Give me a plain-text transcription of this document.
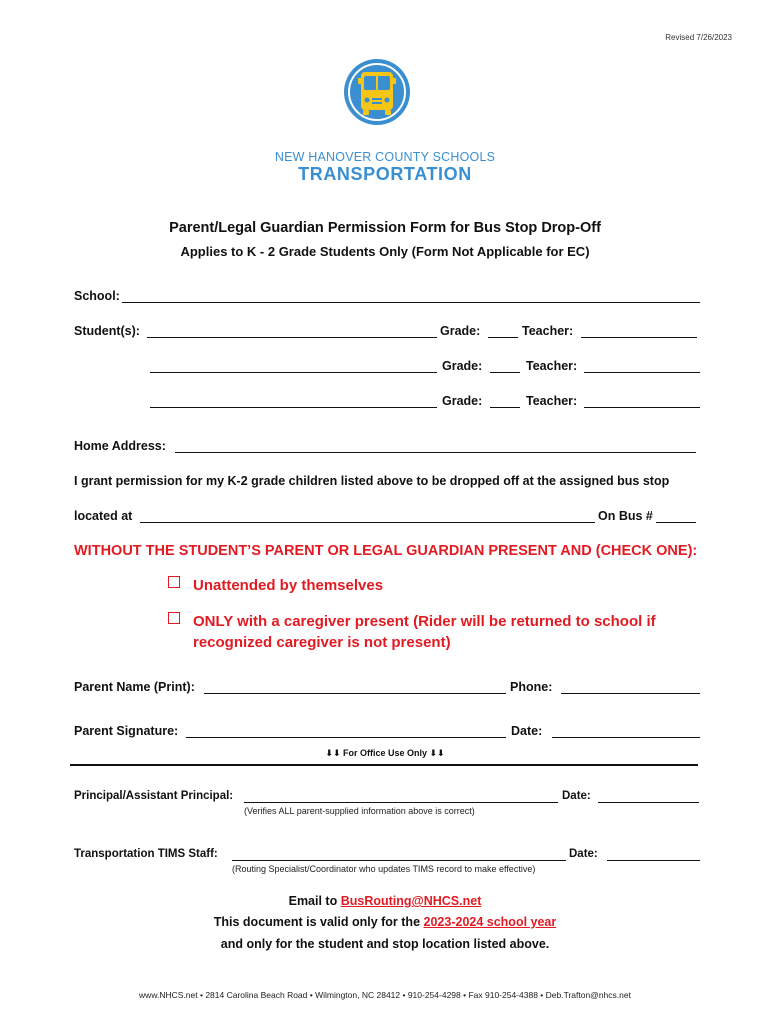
Revised 7/26/2023
NEW HANOVER COUNTY SCHOOLS
TRANSPORTATION
Parent/Legal Guardian Permission Form for Bus Stop Drop-Off
Applies to K - 2 Grade Students Only (Form Not Applicable for EC)
School:
Student(s):	Grade:	Teacher:
Grade:	Teacher:
Grade:	Teacher:
Home Address:
I grant permission for my K-2 grade children listed above to be dropped off at the assigned bus stop
located at	On Bus #
WITHOUT THE STUDENT’S PARENT OR LEGAL GUARDIAN PRESENT AND (CHECK ONE):
Unattended by themselves
ONLY with a caregiver present (Rider will be returned to school if
recognized caregiver is not present)
Parent Name (Print):	Phone:
Parent Signature:	Date:
⬇⬇ For Office Use Only ⬇⬇
Principal/Assistant Principal:	Date:
(Verifies ALL parent-supplied information above is correct)
Transportation TIMS Staff:	Date:
(Routing Specialist/Coordinator who updates TIMS record to make effective)
Email to BusRouting@NHCS.net
This document is valid only for the 2023-2024 school year
and only for the student and stop location listed above.
www.NHCS.net • 2814 Carolina Beach Road • Wilmington, NC 28412 • 910-254-4298 • Fax 910-254-4388 • Deb.Trafton@nhcs.net
